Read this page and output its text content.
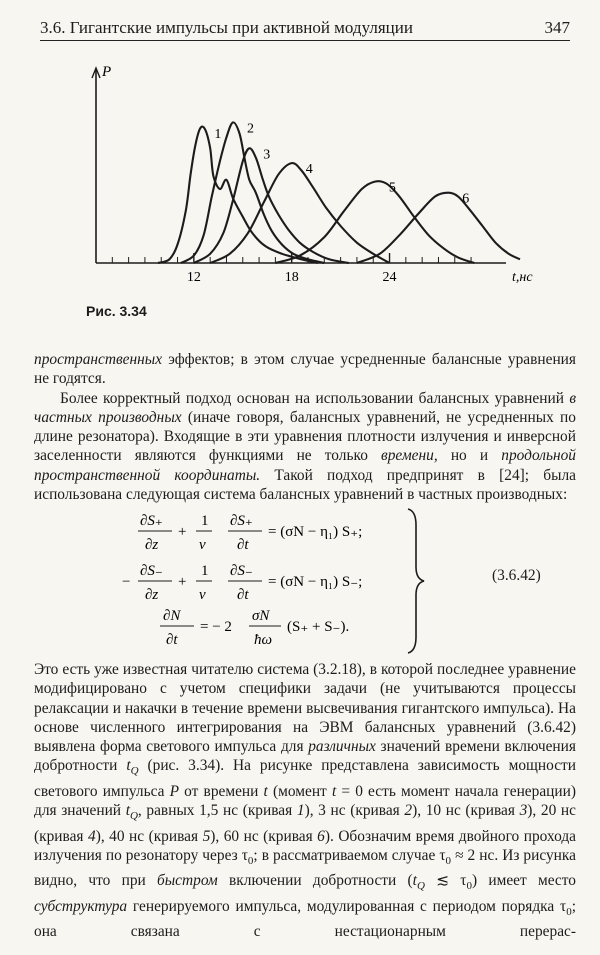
3.6. Гигантские импульсы при активной модуляции	347
12	18	24
P
t,нс
1 2
3
4
5
6
Рис. 3.34

пространственных эффектов; в этом случае усредненные балансные уравнения не годятся.

Более корректный подход основан на использовании балансных уравнений в частных производных (иначе говоря, балансных уравнений, не усредненных по длине резонатора). Входящие в эти уравнения плотности излучения и инверсной заселенности являются функциями не только времени, но и продольной пространственной координаты. Такой подход предпринят в [24]; была использована следующая система балансных уравнений в частных производных:

∂S₊
∂z
+
1
v
∂S₊
∂t
= (σN − η₁) S₊;
−
∂S₋
∂z
+
1
v
∂S₋
∂t
= (σN − η₁) S₋;
∂N
∂t
= − 2
σN
ħω
(S₊ + S₋).
(3.6.42)

Это есть уже известная читателю система (3.2.18), в которой последнее уравнение модифицировано с учетом специфики задачи (не учитываются процессы релаксации и накачки в течение времени высвечивания гигантского импульса). На основе численного интегрирования на ЭВМ балансных уравнений (3.6.42) выявлена форма светового импульса для различных значений времени включения добротности $t_Q$ (рис. 3.34). На рисунке представлена зависимость мощности светового импульса P от времени t (момент t = 0 есть момент начала генерации) для значений $t_Q$, равных 1,5 нс (кривая 1), 3 нс (кривая 2), 10 нс (кривая 3), 20 нс (кривая 4), 40 нс (кривая 5), 60 нс (кривая 6). Обозначим время двойного прохода излучения по резонатору через $\tau_0$; в рассматриваемом случае $\tau_0 \approx 2$ нс. Из рисунка видно, что при быстром включении добротности ($t_Q$ ≲ $\tau_0$) имеет место субструктура генерируемого импульса, модулированная с периодом порядка $\tau_0$; она связана с нестационарным перерас-
